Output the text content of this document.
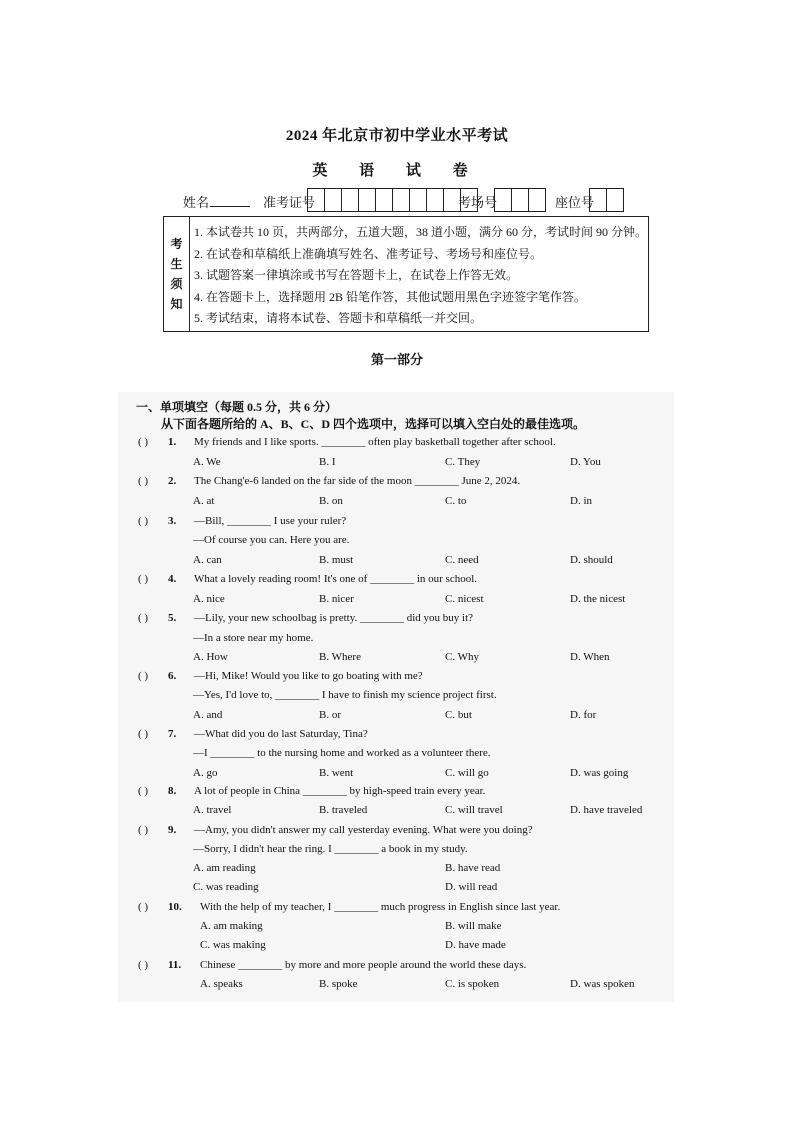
2024 年北京市初中学业水平考试
英 语 试 卷
姓名	准考证号	考场号	座位号
考
生
须
知
1. 本试卷共 10 页，共两部分，五道大题，38 道小题，满分 60 分，考试时间 90 分钟。
2. 在试卷和草稿纸上准确填写姓名、准考证号、考场号和座位号。
3. 试题答案一律填涂或书写在答题卡上，在试卷上作答无效。
4. 在答题卡上，选择题用 2B 铅笔作答，其他试题用黑色字迹签字笔作答。
5. 考试结束，请将本试卷、答题卡和草稿纸一并交回。
第一部分
一、单项填空（每题 0.5 分，共 6 分）
从下面各题所给的 A、B、C、D 四个选项中，选择可以填入空白处的最佳选项。
( ) 1. My friends and I like sports. ________ often play basketball together after school.
A. We	B. I	C. They	D. You
( ) 2. The Chang'e-6 landed on the far side of the moon ________ June 2, 2024.
A. at	B. on	C. to	D. in
( ) 3. —Bill, ________ I use your ruler?
—Of course you can. Here you are.
A. can	B. must	C. need	D. should
( ) 4. What a lovely reading room! It's one of ________ in our school.
A. nice	B. nicer	C. nicest	D. the nicest
( ) 5. —Lily, your new schoolbag is pretty. ________ did you buy it?
—In a store near my home.
A. How	B. Where	C. Why	D. When
( ) 6. —Hi, Mike! Would you like to go boating with me?
—Yes, I'd love to, ________ I have to finish my science project first.
A. and	B. or	C. but	D. for
( ) 7. —What did you do last Saturday, Tina?
—I ________ to the nursing home and worked as a volunteer there.
A. go	B. went	C. will go	D. was going
( ) 8. A lot of people in China ________ by high-speed train every year.
A. travel	B. traveled	C. will travel	D. have traveled
( ) 9. —Amy, you didn't answer my call yesterday evening. What were you doing?
—Sorry, I didn't hear the ring. I ________ a book in my study.
A. am reading	B. have read
C. was reading	D. will read
( ) 10. With the help of my teacher, I ________ much progress in English since last year.
A. am making	B. will make
C. was making	D. have made
( ) 11. Chinese ________ by more and more people around the world these days.
A. speaks	B. spoke	C. is spoken	D. was spoken
